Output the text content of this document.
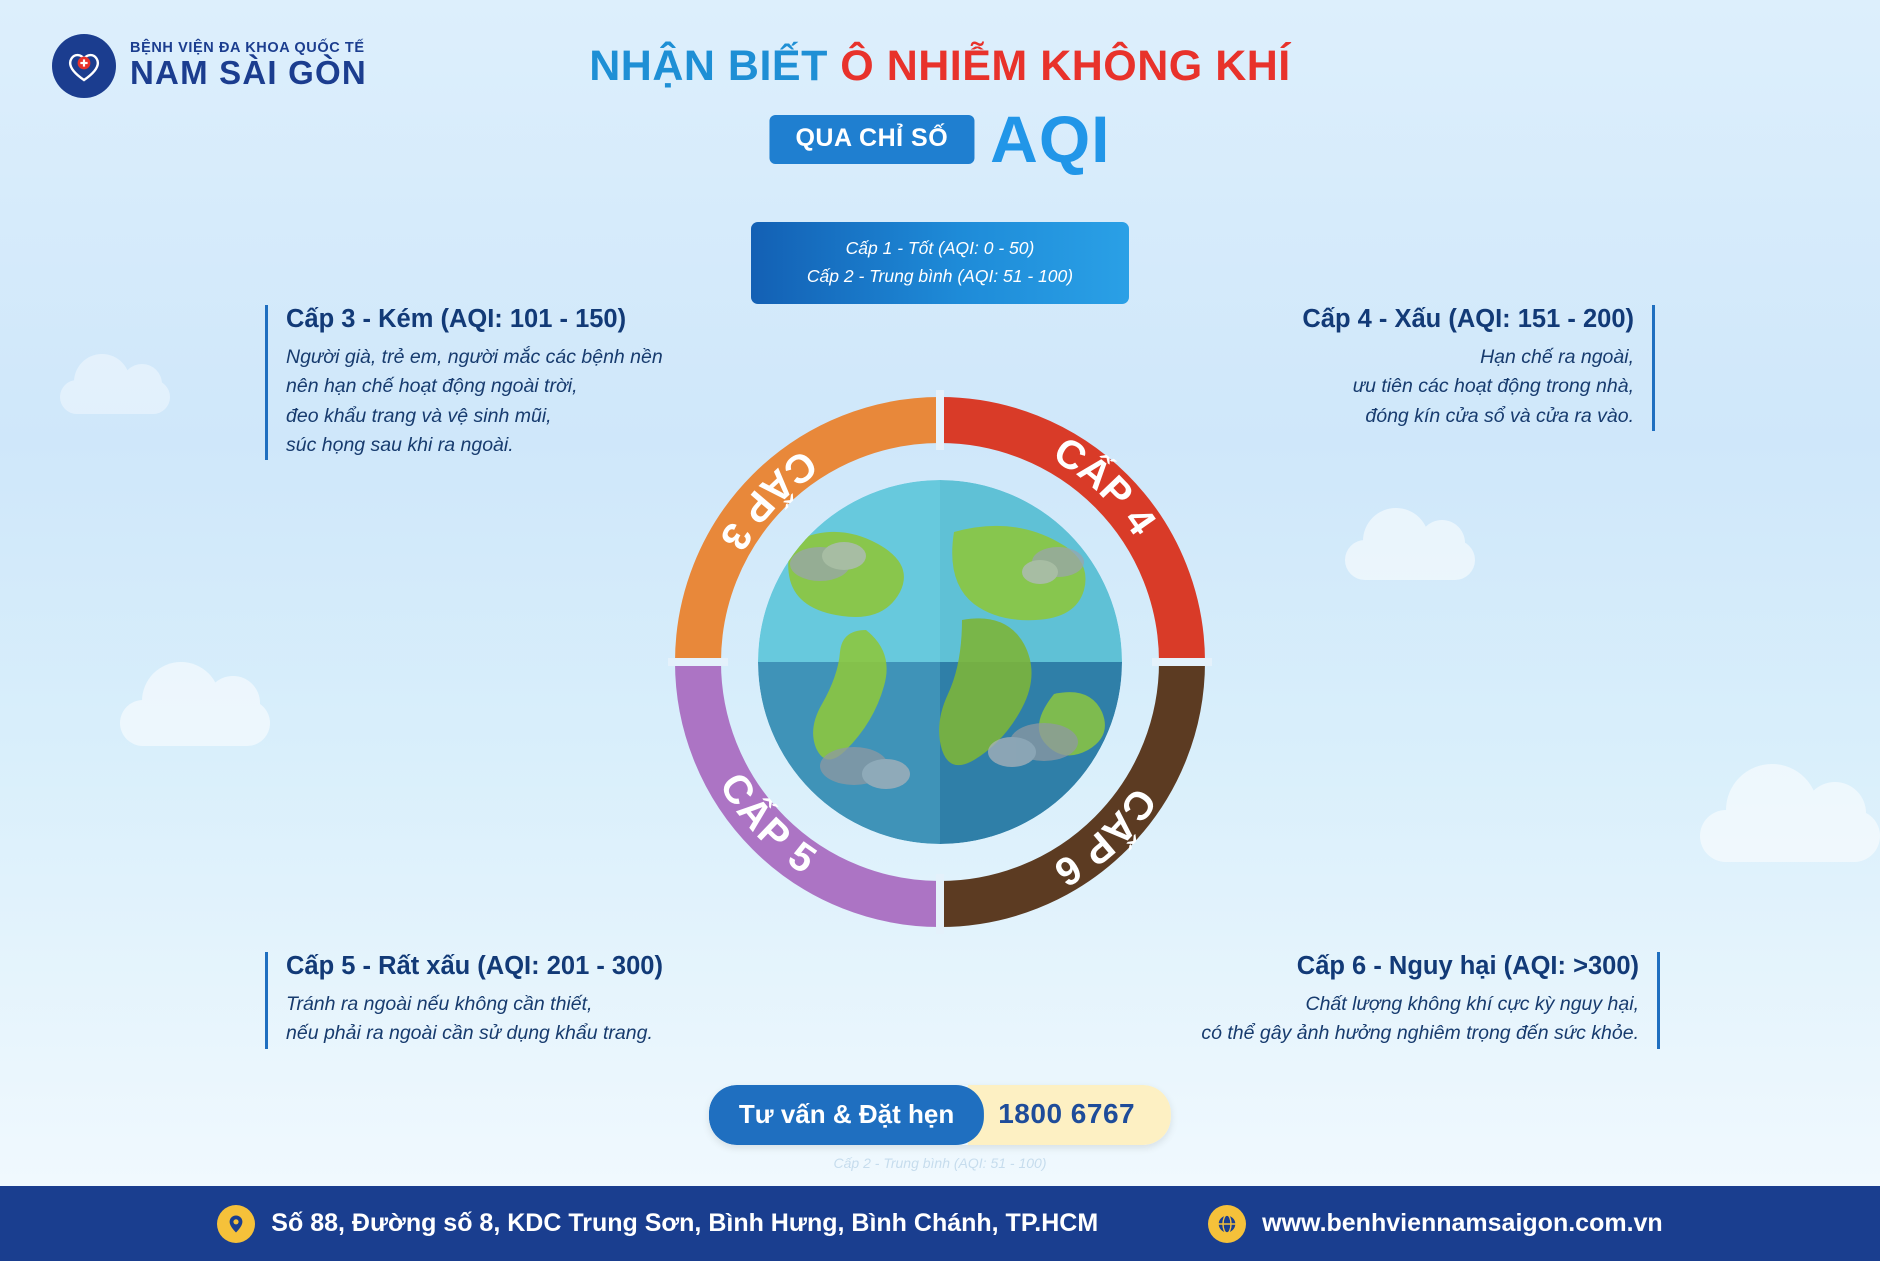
BỆNH VIỆN ĐA KHOA QUỐC TẾ
NAM SÀI GÒN	NHẬN BIẾT Ô NHIỄM KHÔNG KHÍ
QUA CHỈ SỐ AQI
Cấp 1 - Tốt (AQI: 0 - 50)
Cấp 2 - Trung bình (AQI: 51 - 100)
CẤP 3
CẤP 4
CẤP 5
CẤP 6
Cấp 3 - Kém (AQI: 101 - 150)

Người già, trẻ em, người mắc các bệnh nền

nên hạn chế hoạt động ngoài trời,

đeo khẩu trang và vệ sinh mũi,

súc họng sau khi ra ngoài.

Cấp 4 - Xấu (AQI: 151 - 200)

Hạn chế ra ngoài,

ưu tiên các hoạt động trong nhà,

đóng kín cửa sổ và cửa ra vào.

Cấp 5 - Rất xấu (AQI: 201 - 300)

Tránh ra ngoài nếu không cần thiết,

nếu phải ra ngoài cần sử dụng khẩu trang.

Cấp 6 - Nguy hại (AQI: >300)

Chất lượng không khí cực kỳ nguy hại,

có thể gây ảnh hưởng nghiêm trọng đến sức khỏe.

Tư vấn & Đặt hẹn	1800 6767
Cấp 2 - Trung bình (AQI: 51 - 100)
Số 88, Đường số 8, KDC Trung Sơn, Bình Hưng, Bình Chánh, TP.HCM	www.benhviennamsaigon.com.vn
